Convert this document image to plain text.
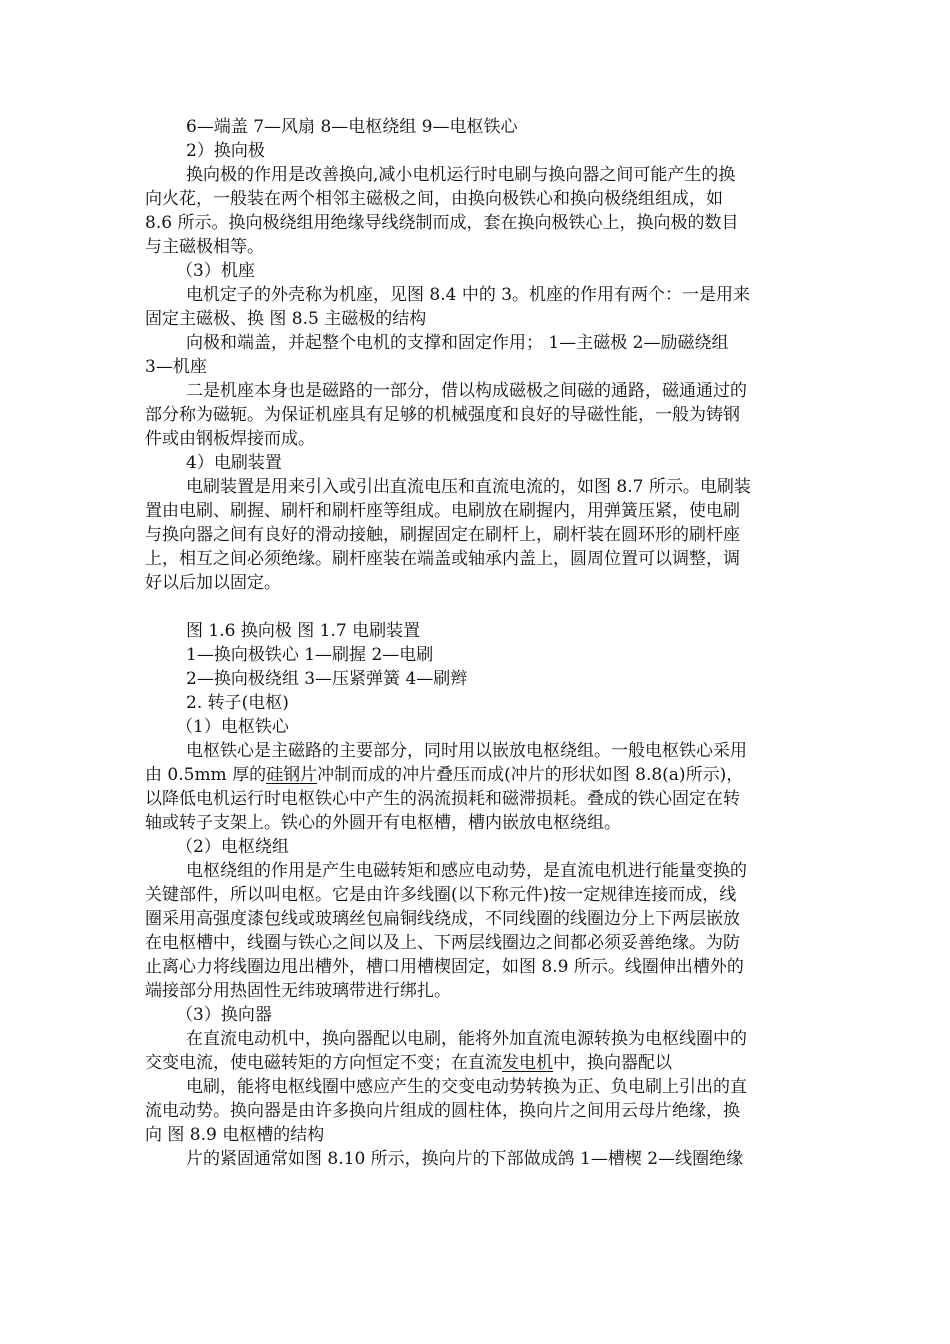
6—端盖 7—风扇 8—电枢绕组 9—电枢铁心
2）换向极
换向极的作用是改善换向,减小电机运行时电刷与换向器之间可能产生的换
向火花，一般装在两个相邻主磁极之间，由换向极铁心和换向极绕组组成，如
8.6 所示。换向极绕组用绝缘导线绕制而成，套在换向极铁心上，换向极的数目
与主磁极相等。
（3）机座
电机定子的外壳称为机座，见图 8.4 中的 3。机座的作用有两个：一是用来
固定主磁极、换 图 8.5 主磁极的结构
向极和端盖，并起整个电机的支撑和固定作用； 1—主磁极 2—励磁绕组
3—机座
二是机座本身也是磁路的一部分，借以构成磁极之间磁的通路，磁通通过的
部分称为磁轭。为保证机座具有足够的机械强度和良好的导磁性能，一般为铸钢
件或由钢板焊接而成。
4）电刷装置
电刷装置是用来引入或引出直流电压和直流电流的，如图 8.7 所示。电刷装
置由电刷、刷握、刷杆和刷杆座等组成。电刷放在刷握内，用弹簧压紧，使电刷
与换向器之间有良好的滑动接触，刷握固定在刷杆上，刷杆装在圆环形的刷杆座
上，相互之间必须绝缘。刷杆座装在端盖或轴承内盖上，圆周位置可以调整，调
好以后加以固定。
图 1.6 换向极 图 1.7 电刷装置
1—换向极铁心 1—刷握 2—电刷
2—换向极绕组 3—压紧弹簧 4—刷辫
2. 转子(电枢)
（1）电枢铁心
电枢铁心是主磁路的主要部分，同时用以嵌放电枢绕组。一般电枢铁心采用
由 0.5mm 厚的硅钢片冲制而成的冲片叠压而成(冲片的形状如图 8.8(a)所示)，
以降低电机运行时电枢铁心中产生的涡流损耗和磁滞损耗。叠成的铁心固定在转
轴或转子支架上。铁心的外圆开有电枢槽，槽内嵌放电枢绕组。
（2）电枢绕组
电枢绕组的作用是产生电磁转矩和感应电动势，是直流电机进行能量变换的
关键部件，所以叫电枢。它是由许多线圈(以下称元件)按一定规律连接而成，线
圈采用高强度漆包线或玻璃丝包扁铜线绕成，不同线圈的线圈边分上下两层嵌放
在电枢槽中，线圈与铁心之间以及上、下两层线圈边之间都必须妥善绝缘。为防
止离心力将线圈边甩出槽外，槽口用槽楔固定，如图 8.9 所示。线圈伸出槽外的
端接部分用热固性无纬玻璃带进行绑扎。
（3）换向器
在直流电动机中，换向器配以电刷，能将外加直流电源转换为电枢线圈中的
交变电流，使电磁转矩的方向恒定不变；在直流发电机中，换向器配以
电刷，能将电枢线圈中感应产生的交变电动势转换为正、负电刷上引出的直
流电动势。换向器是由许多换向片组成的圆柱体，换向片之间用云母片绝缘，换
向 图 8.9 电枢槽的结构
片的紧固通常如图 8.10 所示，换向片的下部做成鸽 1—槽楔 2—线圈绝缘
